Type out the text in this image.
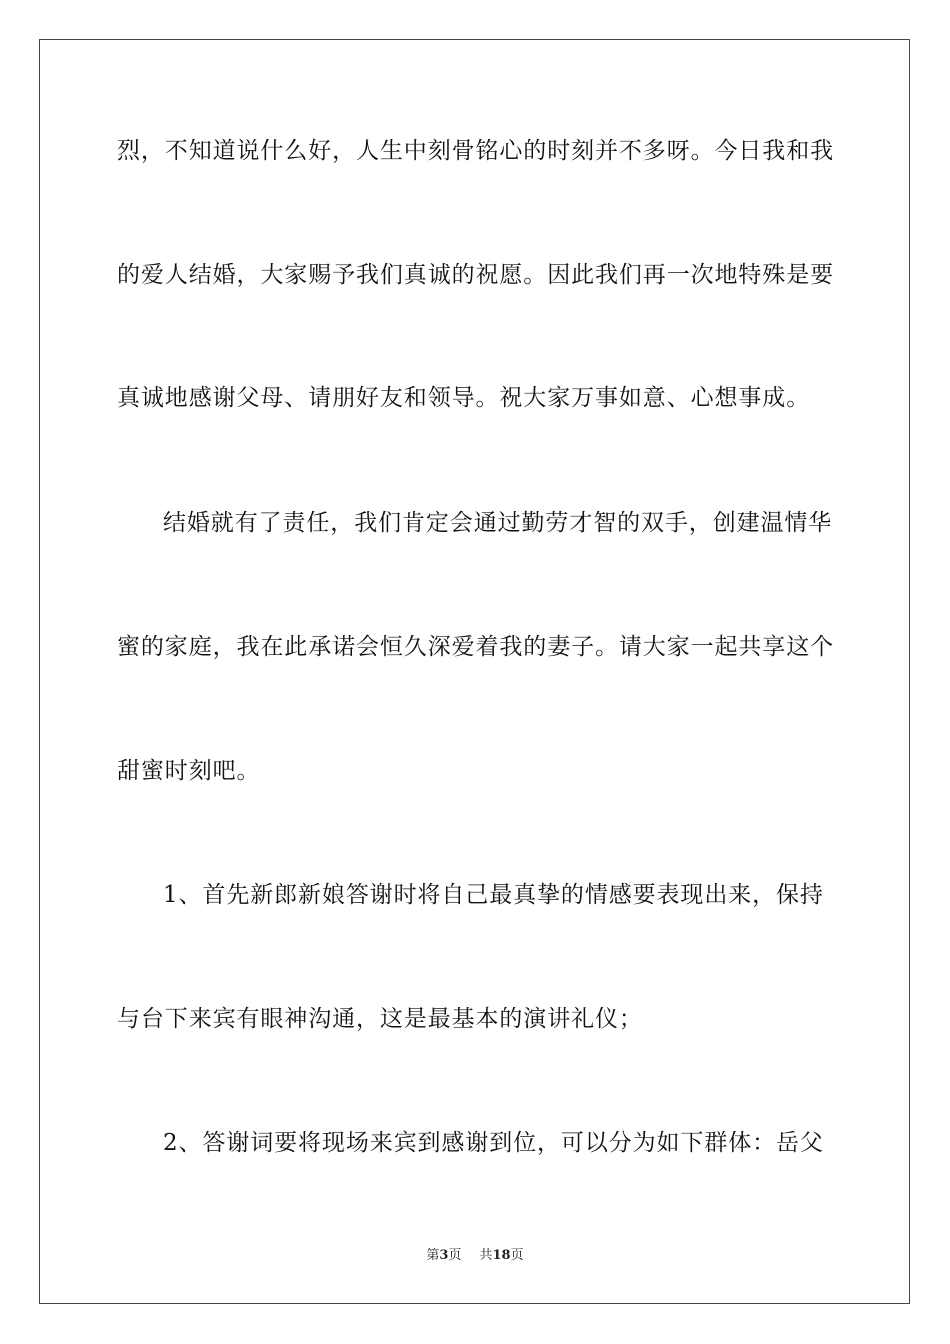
烈，不知道说什么好，人生中刻骨铭心的时刻并不多呀。今日我和我
的爱人结婚，大家赐予我们真诚的祝愿。因此我们再一次地特殊是要
真诚地感谢父母、请朋好友和领导。祝大家万事如意、心想事成。
结婚就有了责任，我们肯定会通过勤劳才智的双手，创建温情华
蜜的家庭，我在此承诺会恒久深爱着我的妻子。请大家一起共享这个
甜蜜时刻吧。
1、首先新郎新娘答谢时将自己最真挚的情感要表现出来，保持
与台下来宾有眼神沟通，这是最基本的演讲礼仪；
2、答谢词要将现场来宾到感谢到位，可以分为如下群体：岳父
第3页 共18页
